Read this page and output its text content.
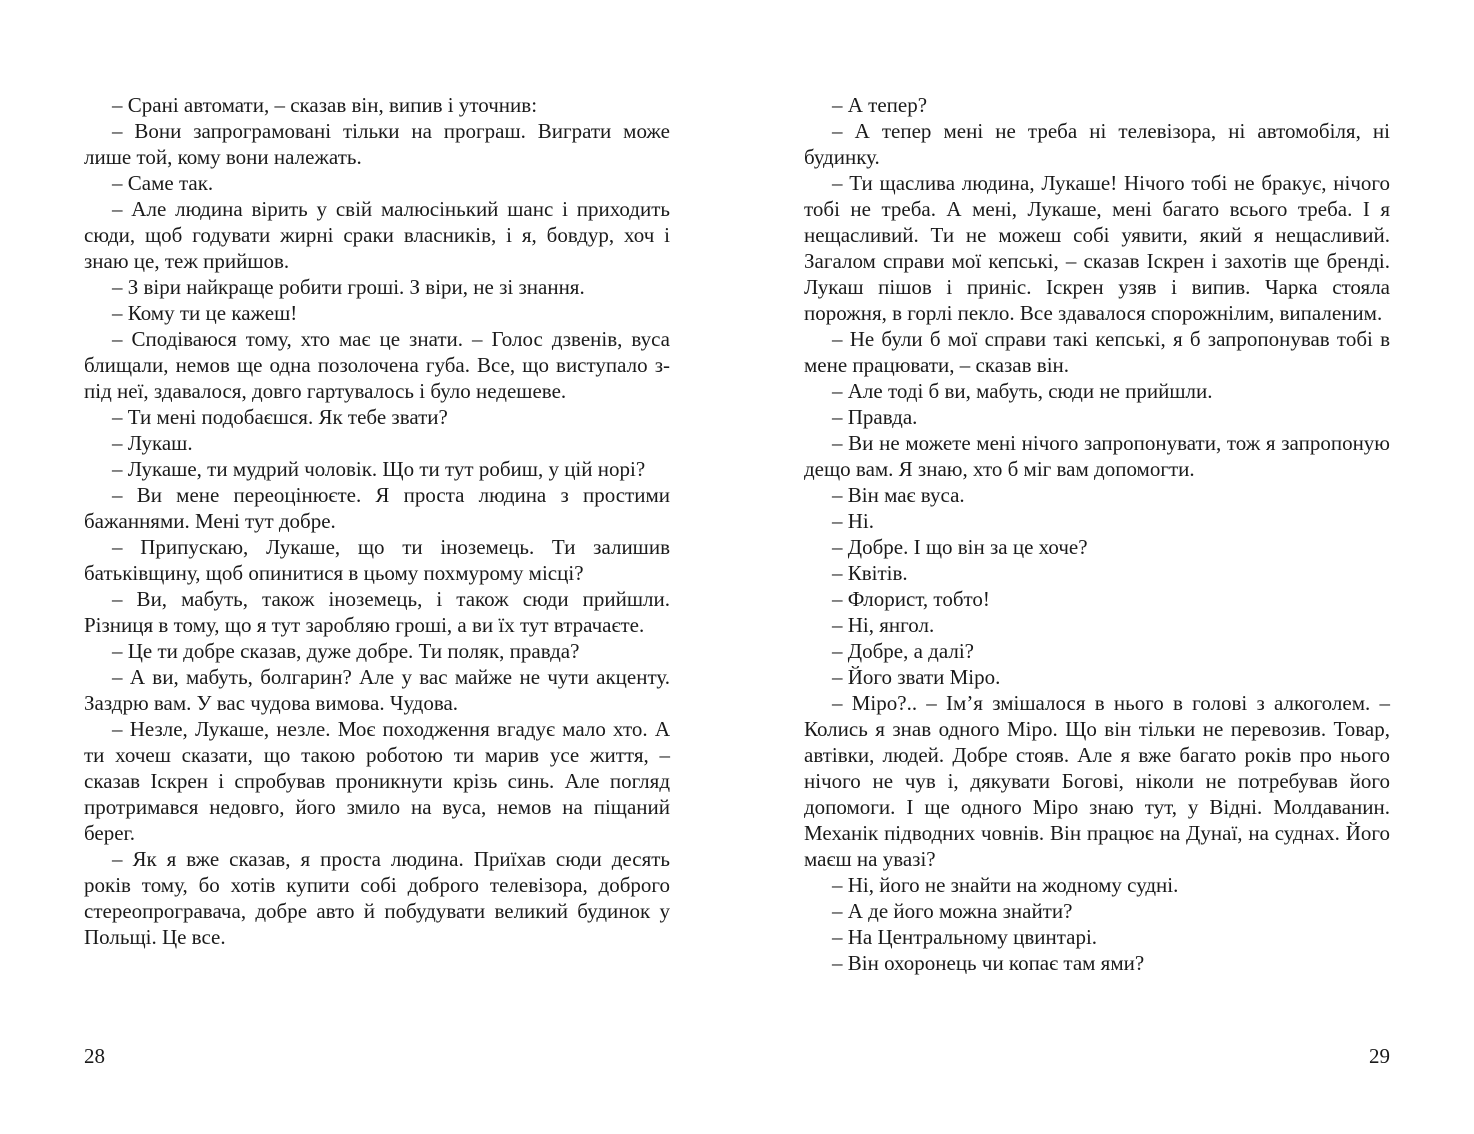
– Срані автомати, – сказав він, випив і уточнив:

– Вони запрограмовані тільки на програш. Виграти може лише той, кому вони належать.

– Саме так.

– Але людина вірить у свій малюсінький шанс і приходить сюди, щоб годувати жирні сраки власників, і я, бовдур, хоч і знаю це, теж прийшов.

– З віри найкраще робити гроші. З віри, не зі знання.

– Кому ти це кажеш!

– Сподіваюся тому, хто має це знати. – Голос дзвенів, вуса блищали, немов ще одна позолочена губа. Все, що виступало з-під неї, здавалося, довго гартувалось і було недешеве.

– Ти мені подобаєшся. Як тебе звати?

– Лукаш.

– Лукаше, ти мудрий чоловік. Що ти тут робиш, у цій норі?

– Ви мене переоцінюєте. Я проста людина з простими бажаннями. Мені тут добре.

– Припускаю, Лукаше, що ти іноземець. Ти залишив батьківщину, щоб опинитися в цьому похмурому місці?

– Ви, мабуть, також іноземець, і також сюди прийшли. Різниця в тому, що я тут заробляю гроші, а ви їх тут втрачаєте.

– Це ти добре сказав, дуже добре. Ти поляк, правда?

– А ви, мабуть, болгарин? Але у вас майже не чути акценту. Заздрю вам. У вас чудова вимова. Чудова.

– Незле, Лукаше, незле. Моє походження вгадує мало хто. А ти хочеш сказати, що такою роботою ти марив усе життя, – сказав Іскрен і спробував проникнути крізь синь. Але погляд протримався недовго, його змило на вуса, немов на піщаний берег.

– Як я вже сказав, я проста людина. Приїхав сюди десять років тому, бо хотів купити собі доброго телевізора, доброго стереопрогравача, добре авто й побудувати великий будинок у Польщі. Це все.

– А тепер?

– А тепер мені не треба ні телевізора, ні автомобіля, ні будинку.

– Ти щаслива людина, Лукаше! Нічого тобі не бракує, нічого тобі не треба. А мені, Лукаше, мені багато всього треба. І я нещасливий. Ти не можеш собі уявити, який я нещасливий. Загалом справи мої кепські, – сказав Іскрен і захотів ще бренді. Лукаш пішов і приніс. Іскрен узяв і випив. Чарка стояла порожня, в горлі пекло. Все здавалося спорожнілим, випаленим.

– Не були б мої справи такі кепські, я б запропонував тобі в мене працювати, – сказав він.

– Але тоді б ви, мабуть, сюди не прийшли.

– Правда.

– Ви не можете мені нічого запропонувати, тож я запропоную дещо вам. Я знаю, хто б міг вам допомогти.

– Він має вуса.

– Ні.

– Добре. І що він за це хоче?

– Квітів.

– Флорист, тобто!

– Ні, янгол.

– Добре, а далі?

– Його звати Міро.

– Міро?.. – Ім’я змішалося в нього в голові з алкоголем. – Колись я знав одного Міро. Що він тільки не перевозив. Товар, автівки, людей. Добре стояв. Але я вже багато років про нього нічого не чув і, дякувати Богові, ніколи не потребував його допомоги. І ще одного Міро знаю тут, у Відні. Молдаванин. Механік підводних човнів. Він працює на Дунаї, на суднах. Його маєш на увазі?

– Ні, його не знайти на жодному судні.

– А де його можна знайти?

– На Центральному цвинтарі.

– Він охоронець чи копає там ями?

28	29
